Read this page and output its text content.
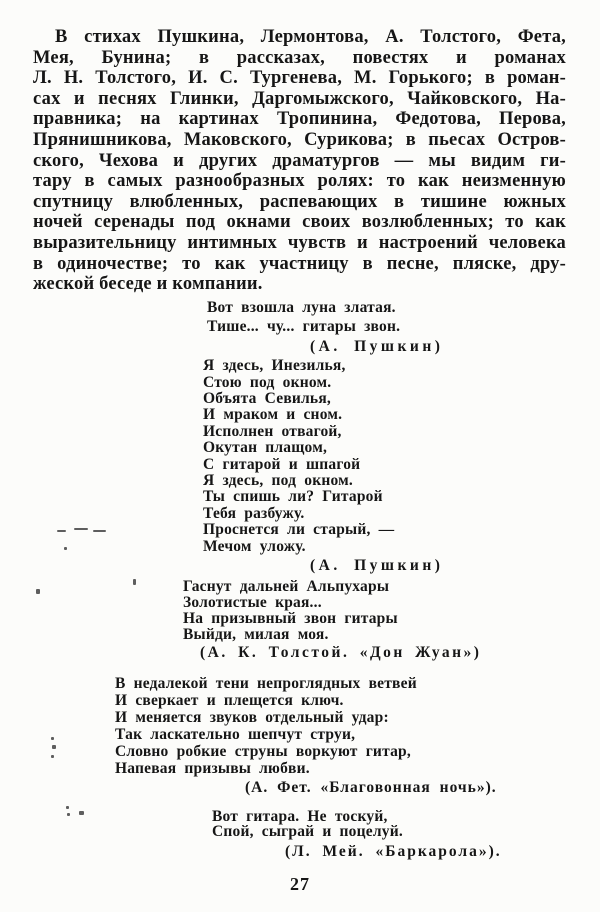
В стихах Пушкина, Лермонтова, А. Толстого, Фета,
Мея, Бунина; в рассказах, повестях и романах
Л. Н. Толстого, И. С. Тургенева, М. Горького; в роман-
сах и песнях Глинки, Даргомыжского, Чайковского, На-
правника; на картинах Тропинина, Федотова, Перова,
Прянишникова, Маковского, Сурикова; в пьесах Остров-
ского, Чехова и других драматургов — мы видим ги-
тару в самых разнообразных ролях: то как неизменную
спутницу влюбленных, распевающих в тишине южных
ночей серенады под окнами своих возлюбленных; то как
выразительницу интимных чувств и настроений человека
в одиночестве; то как участницу в песне, пляске, дру-
жеской беседе и компании.
Вот взошла луна златая.
Тише... чу... гитары звон.
(А. Пушкин)
Я здесь, Инезилья,
Стою под окном.
Объята Севилья,
И мраком и сном.
Исполнен отвагой,
Окутан плащом,
С гитарой и шпагой
Я здесь, под окном.
Ты спишь ли? Гитарой
Тебя разбужу.
Проснется ли старый, —
Мечом уложу.
(А. Пушкин)
Гаснут дальней Альпухары
Золотистые края...
На призывный звон гитары
Выйди, милая моя.
(А. К. Толстой. «Дон Жуан»)
В недалекой тени непроглядных ветвей
И сверкает и плещется ключ.
И меняется звуков отдельный удар:
Так ласкательно шепчут струи,
Словно робкие струны воркуют гитар,
Напевая призывы любви.
(А. Фет. «Благовонная ночь»).
Вот гитара. Не тоскуй,
Спой, сыграй и поцелуй.
(Л. Мей. «Баркарола»).
27
